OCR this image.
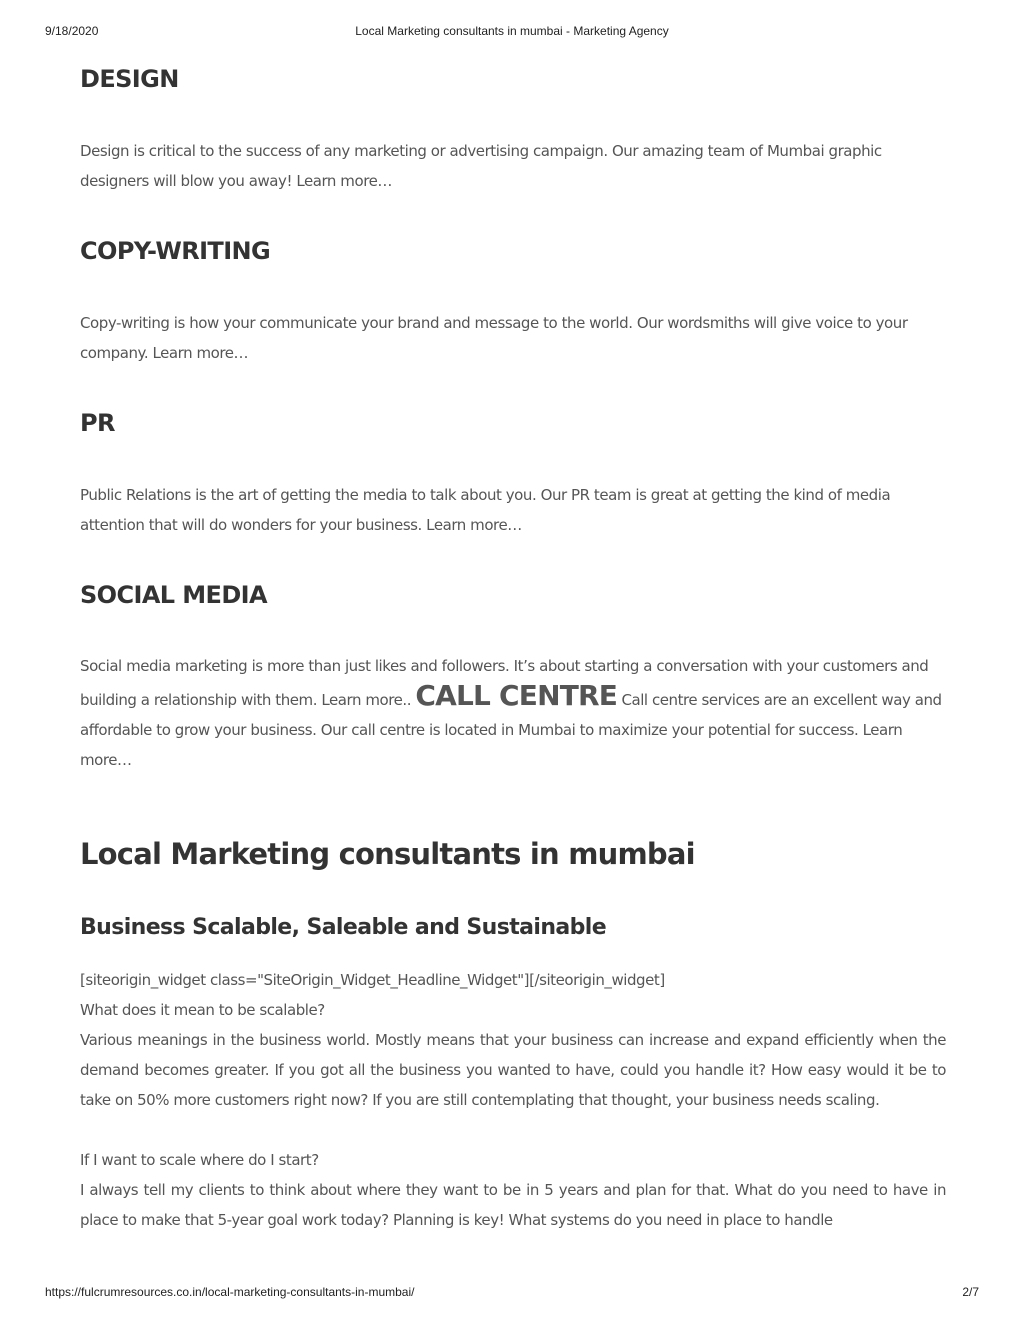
9/18/2020	Local Marketing consultants in mumbai - Marketing Agency
DESIGN

Design is critical to the success of any marketing or advertising campaign. Our amazing team of Mumbai graphic designers will blow you away! Learn more…

COPY-WRITING

Copy-writing is how your communicate your brand and message to the world. Our wordsmiths will give voice to your company. Learn more…

PR

Public Relations is the art of getting the media to talk about you. Our PR team is great at getting the kind of media attention that will do wonders for your business. Learn more…

SOCIAL MEDIA

Social media marketing is more than just likes and followers. It’s about starting a conversation with your customers and building a relationship with them. Learn more.. CALL CENTRE Call centre services are an excellent way and affordable to grow your business. Our call centre is located in Mumbai to maximize your potential for success. Learn more…

Local Marketing consultants in mumbai
Business Scalable, Saleable and Sustainable

[siteorigin_widget class="SiteOrigin_Widget_Headline_Widget"][/siteorigin_widget]

What does it mean to be scalable?

Various meanings in the business world. Mostly means that your business can increase and expand efficiently when the demand becomes greater. If you got all the business you wanted to have, could you handle it? How easy would it be to take on 50% more customers right now? If you are still contemplating that thought, your business needs scaling.

If I want to scale where do I start?

I always tell my clients to think about where they want to be in 5 years and plan for that. What do you need to have in place to make that 5-year goal work today? Planning is key! What systems do you need in place to handle

https://fulcrumresources.co.in/local-marketing-consultants-in-mumbai/	2/7
